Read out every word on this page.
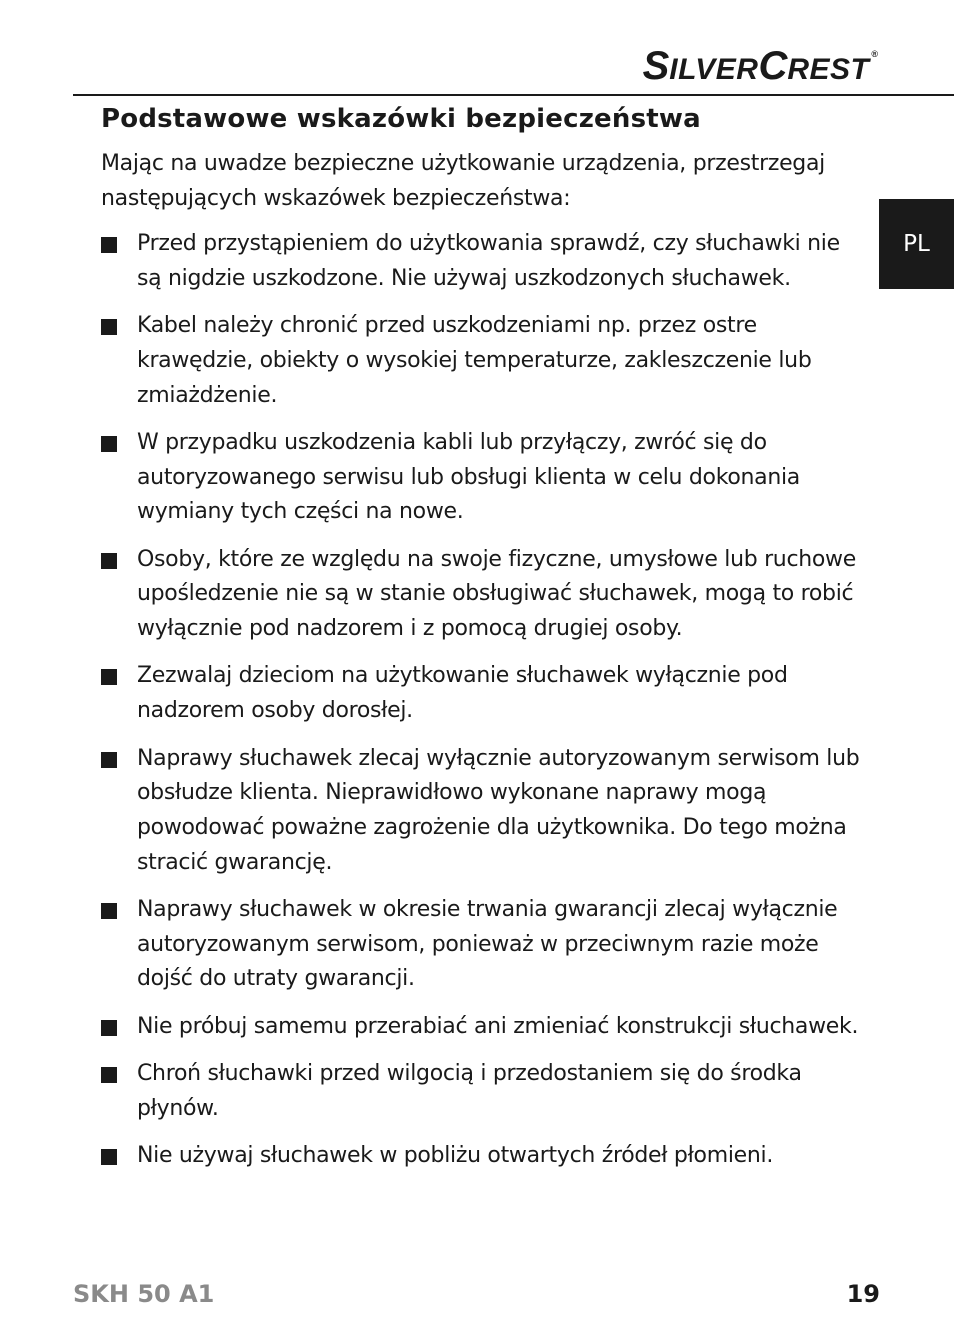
SILVERCREST ®
PL
Podstawowe wskazówki bezpieczeństwa

Mając na uwadze bezpieczne użytkowanie urządzenia, przestrzegaj następujących wskazówek bezpieczeństwa:

Przed przystąpieniem do użytkowania sprawdź, czy słuchawki nie są nigdzie uszkodzone. Nie używaj uszkodzonych słuchawek.
Kabel należy chronić przed uszkodzeniami np. przez ostre krawędzie, obiekty o wysokiej temperaturze, zakleszczenie lub zmiażdżenie.
W przypadku uszkodzenia kabli lub przyłączy, zwróć się do autoryzowanego serwisu lub obsługi klienta w celu dokonania wymiany tych części na nowe.
Osoby, które ze względu na swoje fizyczne, umysłowe lub ruchowe upośledzenie nie są w stanie obsługiwać słuchawek, mogą to robić wyłącznie pod nadzorem i z pomocą drugiej osoby.
Zezwalaj dzieciom na użytkowanie słuchawek wyłącznie pod nadzorem osoby dorosłej.
Naprawy słuchawek zlecaj wyłącznie autoryzowanym serwisom lub obsłudze klienta. Nieprawidłowo wykonane naprawy mogą powodować poważne zagrożenie dla użytkownika. Do tego można stracić gwarancję.
Naprawy słuchawek w okresie trwania gwarancji zlecaj wyłącznie autoryzowanym serwisom, ponieważ w przeciwnym razie może dojść do utraty gwarancji.
Nie próbuj samemu przerabiać ani zmieniać konstrukcji słuchawek.
Chroń słuchawki przed wilgocią i przedostaniem się do środka płynów.
Nie używaj słuchawek w pobliżu otwartych źródeł płomieni.
SKH 50 A1	19
